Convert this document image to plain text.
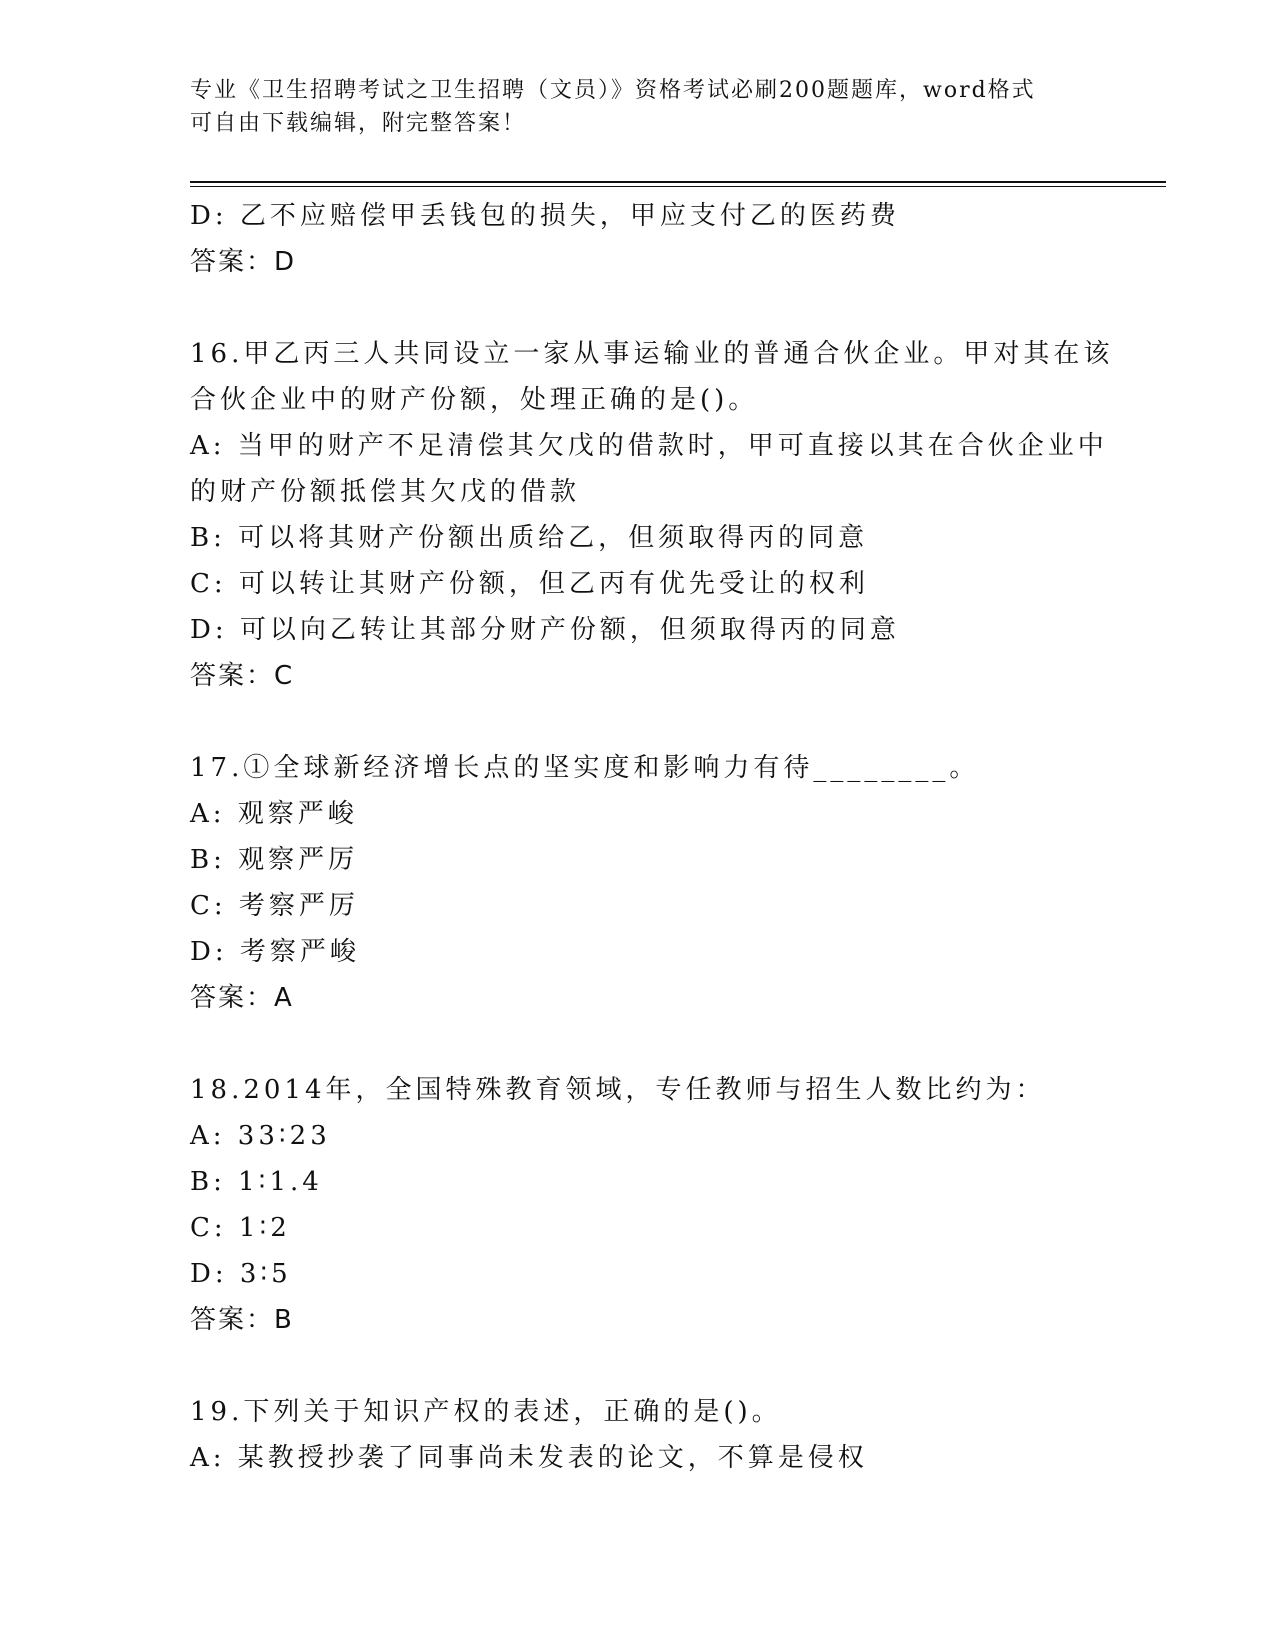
专业《卫生招聘考试之卫生招聘（文员）》资格考试必刷200题题库，word格式
可自由下载编辑，附完整答案！
D: 乙不应赔偿甲丢钱包的损失，甲应支付乙的医药费
答案：D
16.甲乙丙三人共同设立一家从事运输业的普通合伙企业。甲对其在该
合伙企业中的财产份额，处理正确的是()。
A: 当甲的财产不足清偿其欠戊的借款时，甲可直接以其在合伙企业中
的财产份额抵偿其欠戊的借款
B: 可以将其财产份额出质给乙，但须取得丙的同意
C: 可以转让其财产份额，但乙丙有优先受让的权利
D: 可以向乙转让其部分财产份额，但须取得丙的同意
答案：C
17.①全球新经济增长点的坚实度和影响力有待________。
A: 观察严峻
B: 观察严厉
C: 考察严厉
D: 考察严峻
答案：A
18.2014年，全国特殊教育领域，专任教师与招生人数比约为：
A: 33∶23
B: 1∶1.4
C: 1∶2
D: 3∶5
答案：B
19.下列关于知识产权的表述，正确的是()。
A: 某教授抄袭了同事尚未发表的论文，不算是侵权
